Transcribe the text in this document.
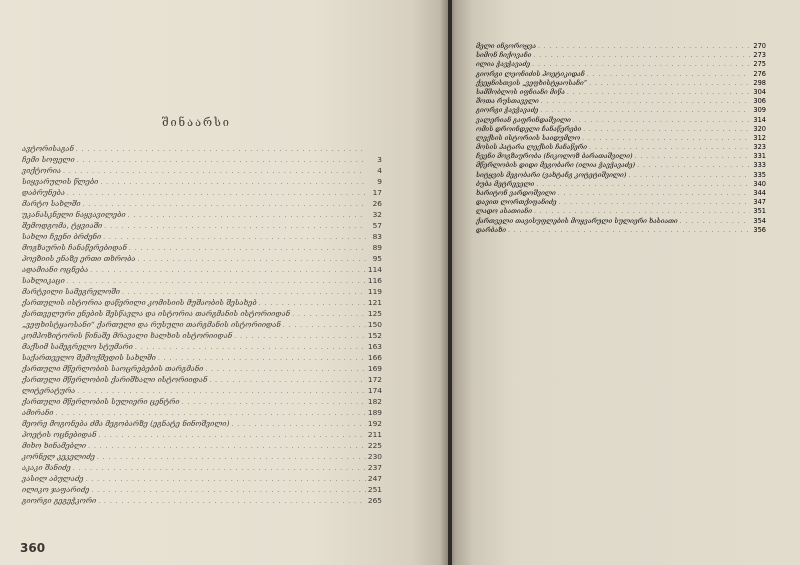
შინაარსი
ავტორისაგან
. . .
ჩემი სოფელი . . .	3
ვიქტორია . . .	4
სიყვარულის წლები . . .	9
დაბრუნება . . .	17
მარტო სახლში . . .	26
უკანასკნელი ნაყვავილები . . .	32
შემოდგომა, ტყვიაში . . .	57
სახლი ჩვენი ბრძენი . . .	83
მოგზაურის ჩანაწერებიდან . . .	89
პოეზიის ენაზე ერთი თხრობა . . .	95
ადამიანი ოცნება . . .	114
სახლიკაცი . . .	116
მარტვილი სამეგრელოში . . .	119
ქართულის ისტორია დაწერილი კომისიის მუშაობის შესახებ . . .	121
ქართველური ენების შესწავლა და ისტორია თარგმანის ისტორიიდან . . .	125
„ვეფხისტყაოსანი“ ქართული და რუსული თარგმანის ისტორიიდან . . .	150
კომპოზიტორის წინაშე მრავალი ხალხის ისტორიიდან . . .	152
მაქსიმ სამეგრელო სტუმარი . . .	163
საქართველო შემოქმედის სახლში . . .	166
ქართული მწერლობის საოცრებების თარგმანი . . .	169
ქართული მწერლობის ქარიშხალი ისტორიიდან . . .	172
ლიტერატურა . . .	174
ქართული მწერლობის სულიერი ცენტრი . . .	182
ამირანი . . .	189
მეორე მოგონება ძმა მეგობარზე (ეგნატე ნინოშვილი) . . .	192
პოეტის ოცნებიდან . . .	211
მიხო ხინამებლი . . .	225
კორნელ კეკელიძე . . .	230
აკაკი შანიძე . . .	237
ვასილ აბულაძე . . .	247
ილიკო ჯაფარიძე . . .	251
გიორგი გეგეჭკორი . . .	265
360
მელი ინგოროყვა . . .	270
სიმონ ჩიქოვანი . . .	273
ილია ჭავჭავაძე . . .	275
გიორგი ლეონიძის პოეტიკიდან . . .	276
ქვეყნისთვის „ვეფხისტყაოსანი“ . . .	298
სამშობლოს იფნიანი მიწა . . .	304
შოთა რუსთაველი . . .	306
გიორგი ჭავჭავაძე . . .	309
ვალერიან გაფრინდაშვილი . . .	314
ომის დროინდელი ჩანაწერები . . .	320
ლექსის ისტორიის საიდუმლო . . .	312
მოსის პატარა ლექსის ჩანაწერი . . .	323
ჩვენი მოგზაურობა (ნიკოლოზ ბარათაშვილი) . . .	331
მწერლობის დიდი მეგობარი (ილია ჭავჭავაძე) . . .	333
სიტყვის მეგობარი (ვახტანგ კოტეტიშვილი) . . .	335
ბუბა მეტრეველი . . .	340
ხარიტონ ვარდოშვილი . . .	344
დავით ლორთქიფანიძე . . .	347
ლადო ასათიანი . . .	351
ქართველი თავისუფლების მოყვარული სულიერი ხასიათი . . .	354
დარბაზი . . .	356
